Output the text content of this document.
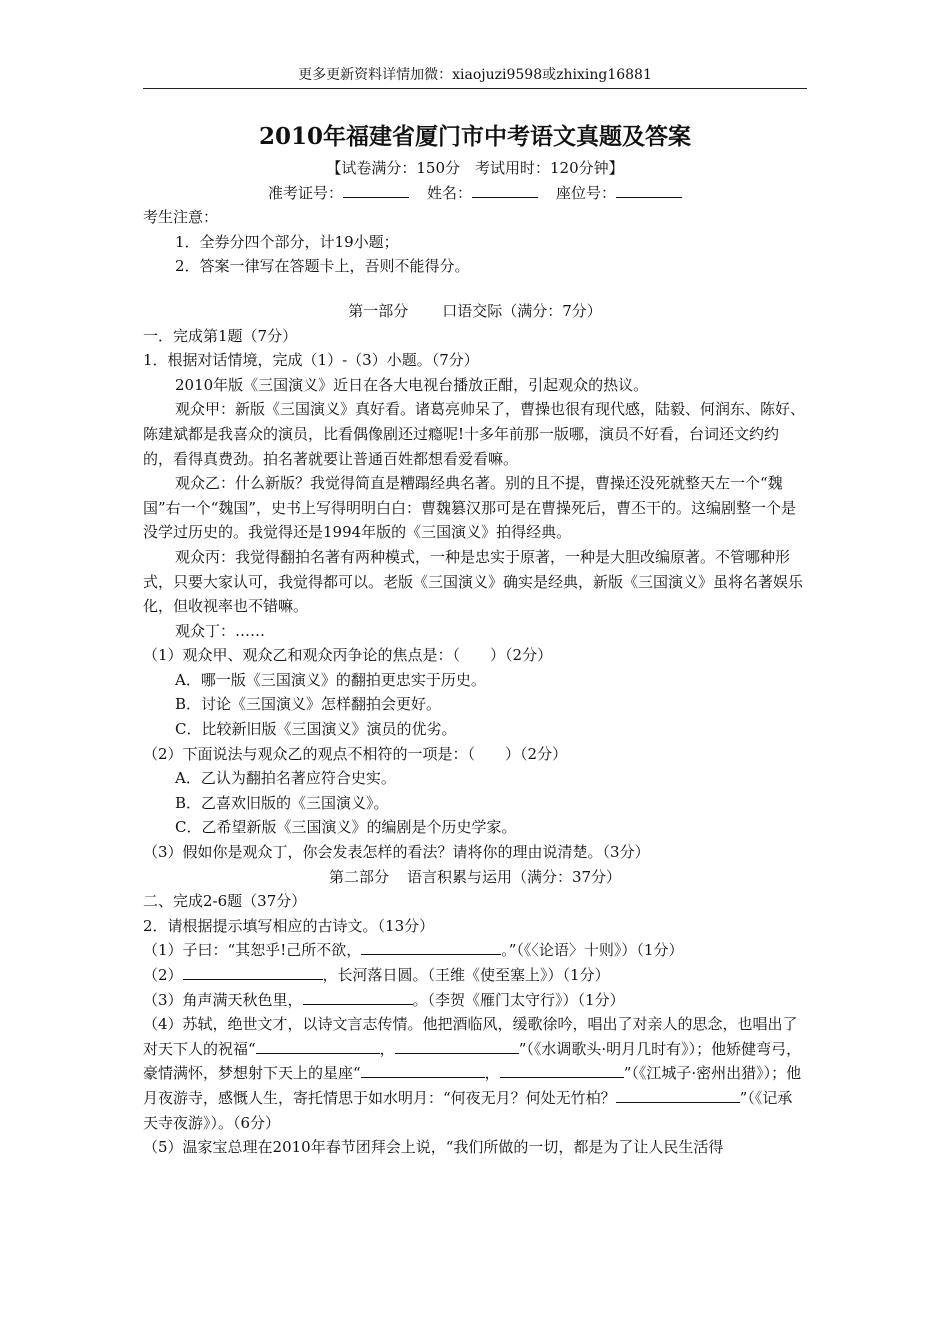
更多更新资料详情加微：xiaojuzi9598或zhixing16881
2010年福建省厦门市中考语文真题及答案

【试卷满分：150分　考试用时：120分钟】

准考证号：	姓名：	座位号：

考生注意：

1．全券分四个部分，计19小题；

2．答案一律写在答题卡上，吾则不能得分。

第一部分 口语交际（满分：7分）

一．完成第1题（7分）

1．根据对话情境，完成（1）-（3）小题。（7分）

2010年版《三国演义》近日在各大电视台播放正酣，引起观众的热议。

观众甲：新版《三国演义》真好看。诸葛亮帅呆了，曹操也很有现代感，陆毅、何润东、陈好、陈建斌都是我喜众的演员，比看偶像剧还过瘾呢!十多年前那一版哪，演员不好看，台词还文约约的，看得真费劲。拍名著就要让普通百姓都想看爱看嘛。

观众乙：什么新版？我觉得简直是糟蹋经典名著。别的且不提，曹操还没死就整天左一个“魏国”右一个“魏国”，史书上写得明明白白：曹魏篡汉那可是在曹操死后，曹丕干的。这编剧整一个是没学过历史的。我觉得还是1994年版的《三国演义》拍得经典。

观众丙：我觉得翻拍名著有两种模式，一种是忠实于原著，一种是大胆改编原著。不管哪种形式，只要大家认可，我觉得都可以。老版《三国演义》确实是经典，新版《三国演义》虽将名著娱乐化，但收视率也不错嘛。

观众丁：……

（1）观众甲、观众乙和观众丙争论的焦点是：（　　）（2分）

A．哪一版《三国演义》的翻拍更忠实于历史。

B．讨论《三国演义》怎样翻拍会更好。

C．比较新旧版《三国演义》演员的优劣。

（2）下面说法与观众乙的观点不相符的一项是：（　　）（2分）

A．乙认为翻拍名著应符合史实。

B．乙喜欢旧版的《三国演义》。

C．乙希望新版《三国演义》的编剧是个历史学家。

（3）假如你是观众丁，你会发表怎样的看法？请将你的理由说清楚。（3分）

第二部分 语言积累与运用（满分：37分）

二、完成2-6题（37分）

2．请根据提示填写相应的古诗文。（13分）

（1）子曰：“其恕乎!己所不欲，	。”（《〈论语〉十则》）（1分）

（2）	，长河落日圆。（王维《使至塞上》）（1分）

（3）角声满天秋色里，	。（李贺《雁门太守行》）（1分）

（4）苏轼，绝世文才，以诗文言志传情。他把酒临风，缓歌徐吟，唱出了对亲人的思念，也唱出了对天下人的祝福“	，	”（《水调歌头·明月几时有》）；他矫健弯弓，豪情满怀，梦想射下天上的星座“	，	”（《江城子·密州出猎》）；他月夜游寺，感慨人生，寄托情思于如水明月：“何夜无月？何处无竹柏？	”（《记承天寺夜游》）。（6分）

（5）温家宝总理在2010年春节团拜会上说，“我们所做的一切，都是为了让人民生活得
